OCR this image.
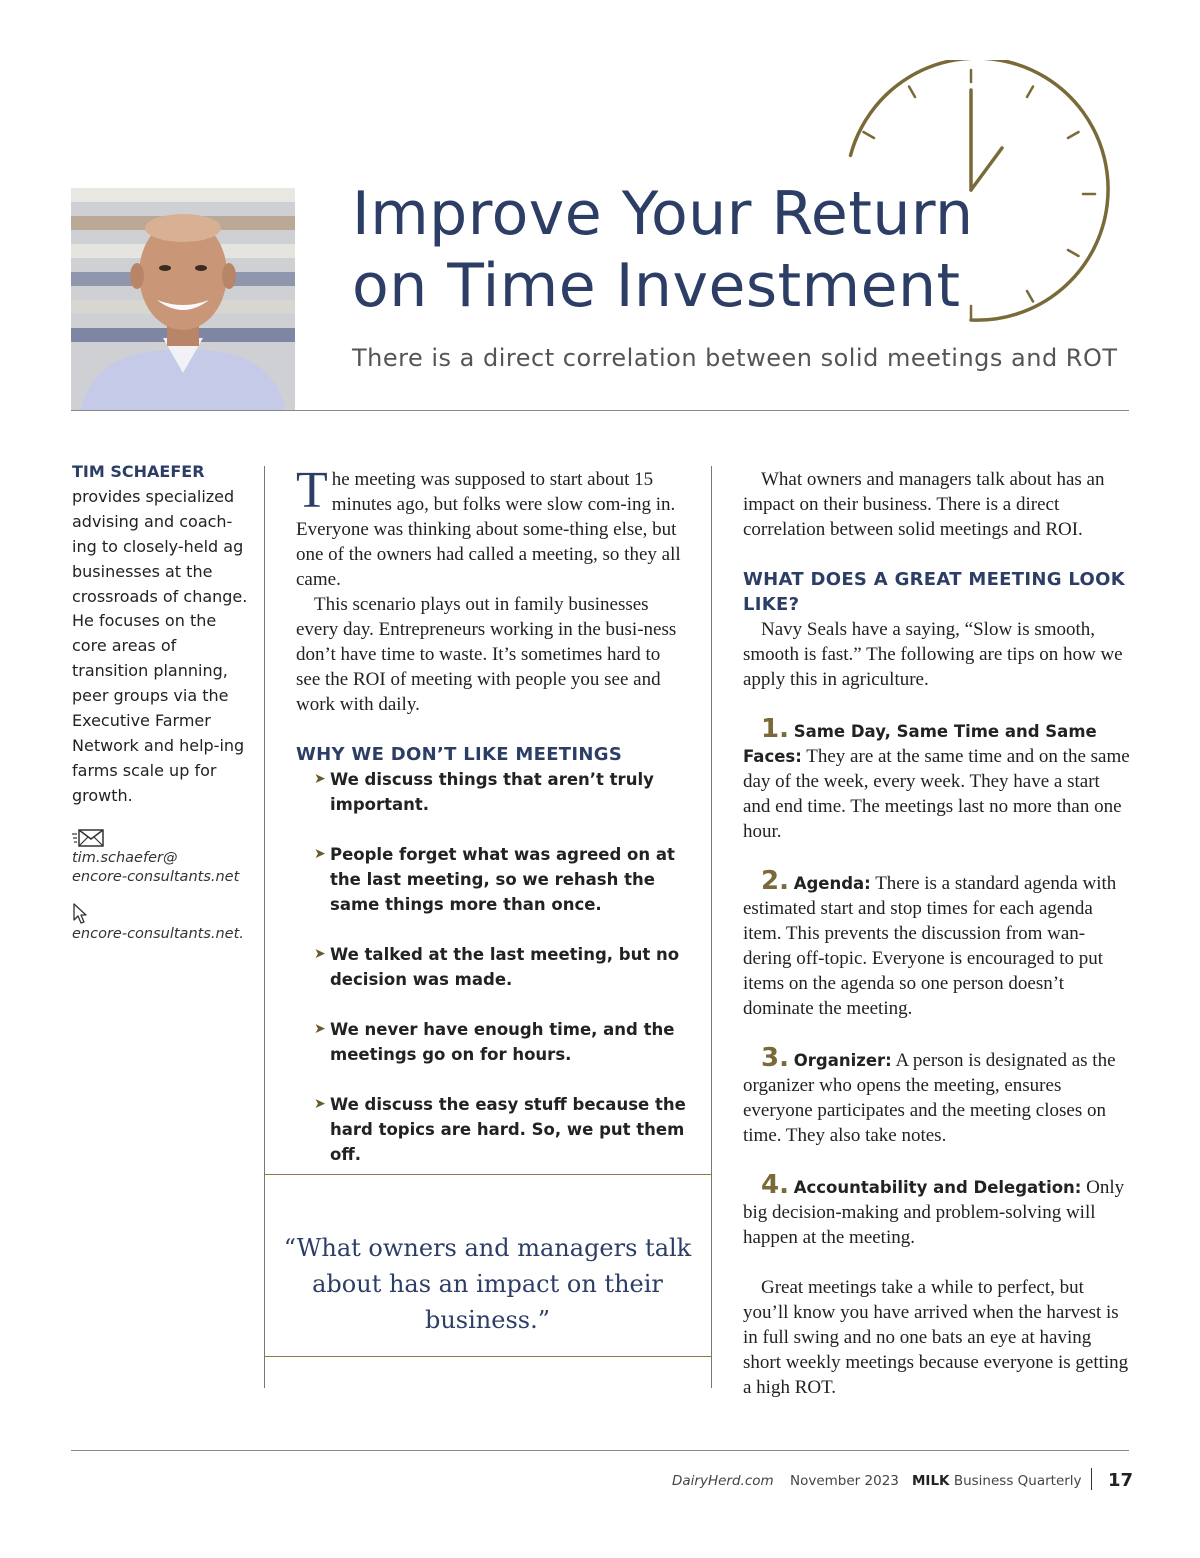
Improve Your Return
on Time Investment
There is a direct correlation between solid meetings and ROT
TIM SCHAEFER
provides specialized advising and coach-ing to closely-held ag businesses at the crossroads of change. He focuses on the core areas of transition planning, peer groups via the Executive Farmer Network and help-ing farms scale up for growth.
tim.schaefer@
encore-consultants.net
encore-consultants.net.

The meeting was supposed to start about 15 minutes ago, but folks were slow com-ing in. Everyone was thinking about some-thing else, but one of the owners had called a meeting, so they all came.

This scenario plays out in family businesses every day. Entrepreneurs working in the busi-ness don’t have time to waste. It’s sometimes hard to see the ROI of meeting with people you see and work with daily.

WHY WE DON’T LIKE MEETINGS
➤ We discuss things that aren’t truly important.
➤ People forget what was agreed on at the last meeting, so we rehash the same things more than once.
➤ We talked at the last meeting, but no decision was made.
➤ We never have enough time, and the meetings go on for hours.
➤ We discuss the easy stuff because the hard topics are hard. So, we put them off.
“What owners and managers talk about has an impact on their business.”

What owners and managers talk about has an impact on their business. There is a direct correlation between solid meetings and ROI.

WHAT DOES A GREAT MEETING LOOK LIKE?

Navy Seals have a saying, “Slow is smooth, smooth is fast.” The following are tips on how we apply this in agriculture.

1. Same Day, Same Time and Same Faces: They are at the same time and on the same day of the week, every week. They have a start and end time. The meetings last no more than one hour.

2. Agenda: There is a standard agenda with estimated start and stop times for each agenda item. This prevents the discussion from wan-dering off-topic. Everyone is encouraged to put items on the agenda so one person doesn’t dominate the meeting.

3. Organizer: A person is designated as the organizer who opens the meeting, ensures everyone participates and the meeting closes on time. They also take notes.

4. Accountability and Delegation: Only big decision-making and problem-solving will happen at the meeting.

Great meetings take a while to perfect, but you’ll know you have arrived when the harvest is in full swing and no one bats an eye at having short weekly meetings because everyone is getting a high ROT.

DairyHerd.com November 2023 MILK Business Quarterly 17
